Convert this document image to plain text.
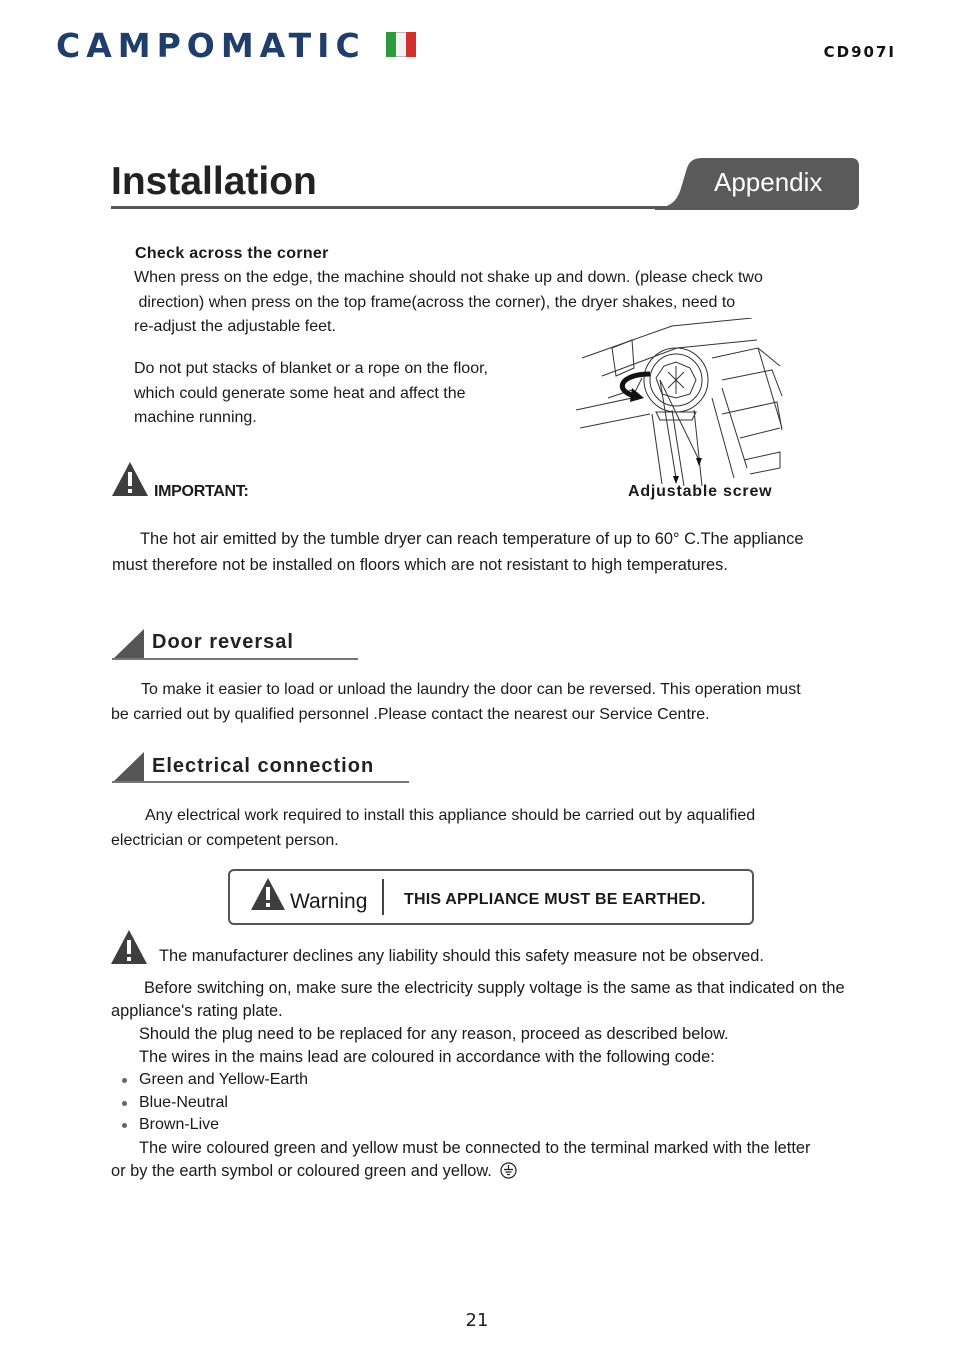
CAMPOMATIC	CD907I
Installation	Appendix
Check across the corner
When press on the edge, the machine should not shake up and down. (please check two
direction) when press on the top frame(across the corner), the dryer shakes, need to
re-adjust the adjustable feet.
Do not put stacks of blanket or a rope on the floor,
which could generate some heat and affect the
machine running.
Adjustable screw
IMPORTANT:
The hot air emitted by the tumble dryer can reach temperature of up to 60° C.The appliance
must therefore not be installed on floors which are not resistant to high temperatures.
Door reversal
To make it easier to load or unload the laundry the door can be reversed. This operation must
be carried out by qualified personnel .Please contact the nearest our Service Centre.
Electrical connection
Any electrical work required to install this appliance should be carried out by aqualified
electrician or competent person.
Warning THIS APPLIANCE MUST BE EARTHED.
The manufacturer declines any liability should this safety measure not be observed.
Before switching on, make sure the electricity supply voltage is the same as that indicated on the
appliance's rating plate.
Should the plug need to be replaced for any reason, proceed as described below.
The wires in the mains lead are coloured in accordance with the following code:
Green and Yellow-Earth
Blue-Neutral
Brown-Live
The wire coloured green and yellow must be connected to the terminal marked with the letter
or by the earth symbol or coloured green and yellow.
21
